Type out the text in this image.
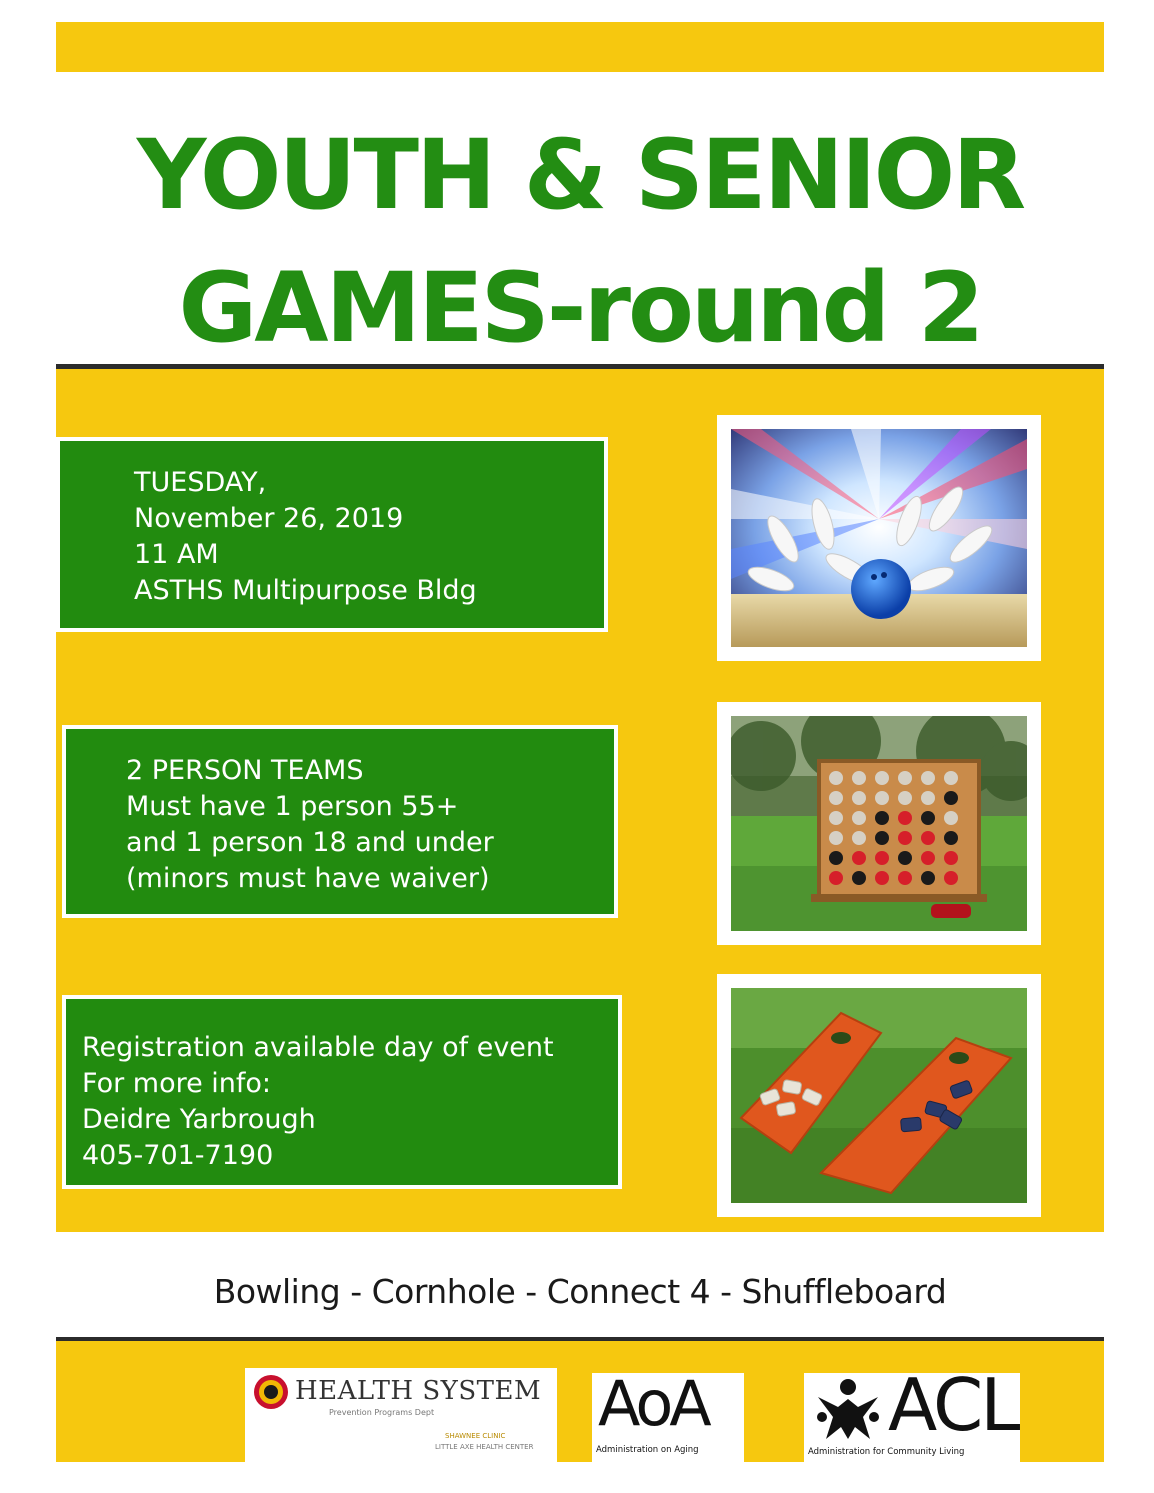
YOUTH & SENIOR
GAMES-round 2
TUESDAY,
November 26, 2019
11 AM
ASTHS Multipurpose Bldg
2 PERSON TEAMS
Must have 1 person 55+
and 1 person 18 and under
(minors must have waiver)
Registration available day of event
For more info:
Deidre Yarbrough
405-701-7190
Bowling - Cornhole - Connect 4 - Shuffleboard
HEALTH SYSTEM
Prevention Programs Dept
SHAWNEE CLINIC
LITTLE AXE HEALTH CENTER
AoA
Administration on Aging
ACL
Administration for Community Living
